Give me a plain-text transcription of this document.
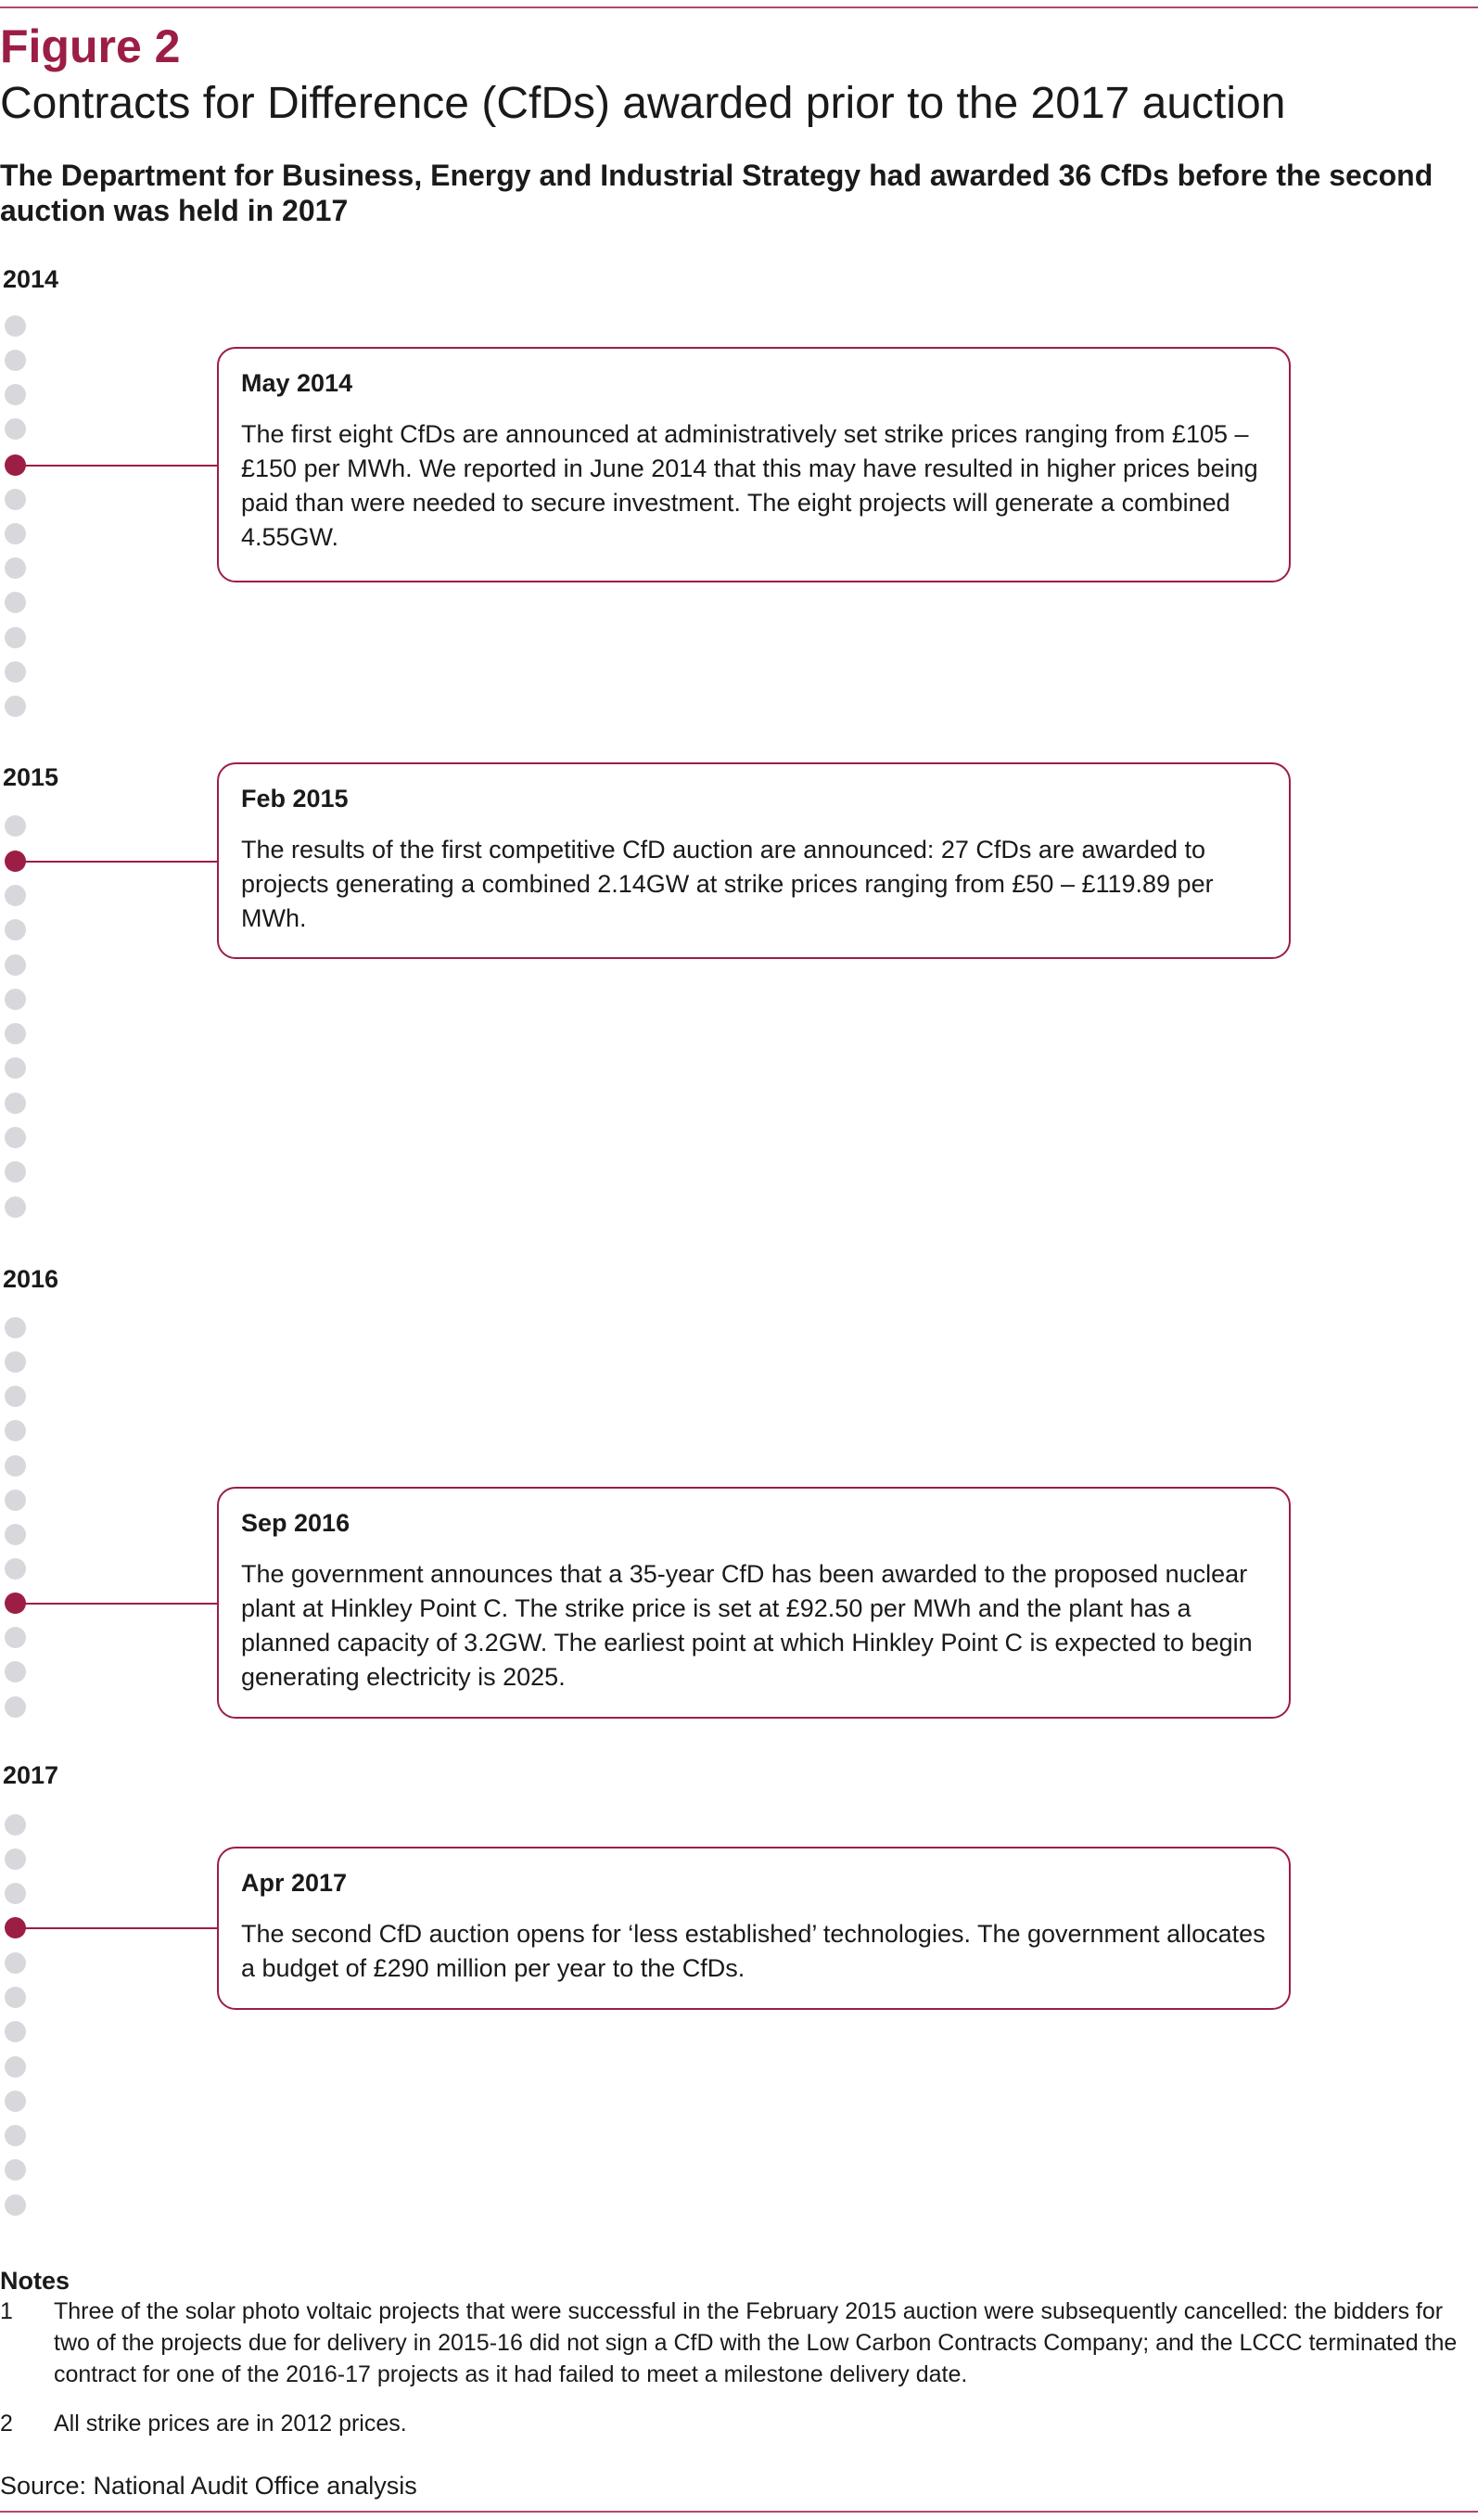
Figure 2
Contracts for Difference (CfDs) awarded prior to the 2017 auction
The Department for Business, Energy and Industrial Strategy had awarded 36 CfDs before the second auction was held in 2017
2014
May 2014
The first eight CfDs are announced at administratively set strike prices ranging from £105 – £150 per MWh. We reported in June 2014 that this may have resulted in higher prices being paid than were needed to secure investment. The eight projects will generate a combined 4.55GW.
2015
Feb 2015
The results of the first competitive CfD auction are announced: 27 CfDs are awarded to projects generating a combined 2.14GW at strike prices ranging from £50 – £119.89 per MWh.
2016
Sep 2016
The government announces that a 35-year CfD has been awarded to the proposed nuclear plant at Hinkley Point C. The strike price is set at £92.50 per MWh and the plant has a planned capacity of 3.2GW. The earliest point at which Hinkley Point C is expected to begin generating electricity is 2025.
2017
Apr 2017
The second CfD auction opens for ‘less established’ technologies. The government allocates a budget of £290 million per year to the CfDs.
Notes
1 Three of the solar photo voltaic projects that were successful in the February 2015 auction were subsequently cancelled: the bidders for two of the projects due for delivery in 2015-16 did not sign a CfD with the Low Carbon Contracts Company; and the LCCC terminated the contract for one of the 2016-17 projects as it had failed to meet a milestone delivery date.
2 All strike prices are in 2012 prices.
Source: National Audit Office analysis
